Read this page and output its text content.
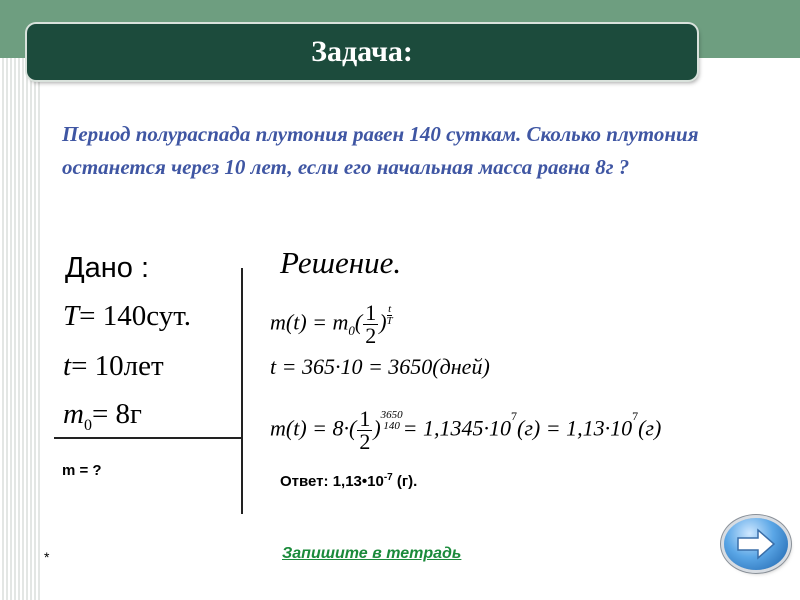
Задача:

Период полураспада плутония равен 140 суткам. Сколько плутония останется через 10 лет, если его начальная масса равна 8г ?

Дано :
T= 140сут.
t= 10лет
$m_0= 8г$
m = ?
Решение.
$m(t) = m_0( \frac{1}{2}$ ) $\frac{t}{T}$
t = 365·10 = 3650(дней)
$m(t) = 8\cdot( \frac{1}{2}$ )
3650
$140 = 1,1345\cdot 10^7(г) = 1,13\cdot 10^7(г)$
Ответ: $1,13•10^{-7}$ (г).
*	Запишите в тетрадь
